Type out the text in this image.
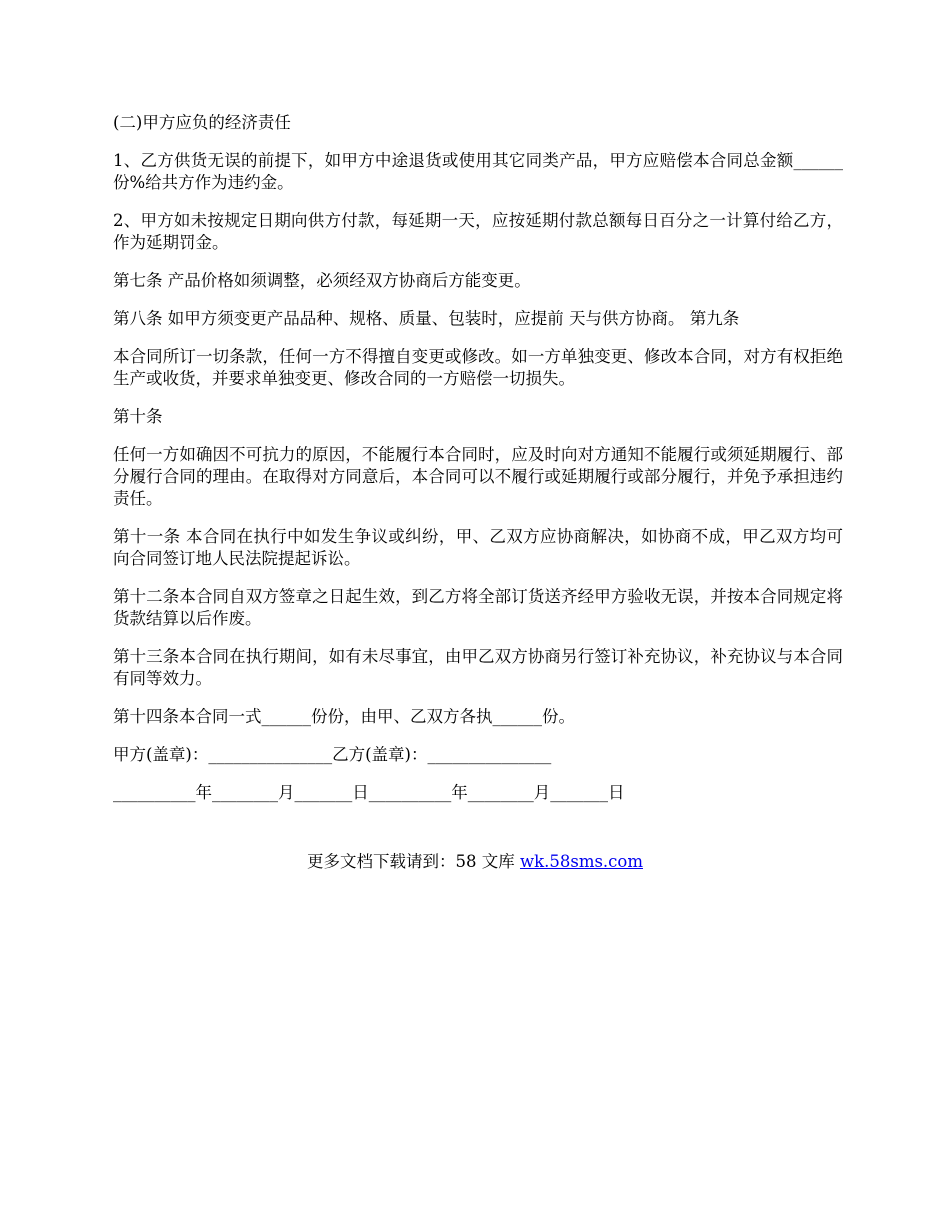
(二)甲方应负的经济责任

1、乙方供货无误的前提下，如甲方中途退货或使用其它同类产品，甲方应赔偿本合同总金额______份%给共方作为违约金。

2、甲方如未按规定日期向供方付款，每延期一天，应按延期付款总额每日百分之一计算付给乙方，作为延期罚金。

第七条 产品价格如须调整，必须经双方协商后方能变更。

第八条 如甲方须变更产品品种、规格、质量、包装时，应提前 天与供方协商。 第九条

本合同所订一切条款，任何一方不得擅自变更或修改。如一方单独变更、修改本合同，对方有权拒绝生产或收货，并要求单独变更、修改合同的一方赔偿一切损失。

第十条

任何一方如确因不可抗力的原因，不能履行本合同时，应及时向对方通知不能履行或须延期履行、部分履行合同的理由。在取得对方同意后，本合同可以不履行或延期履行或部分履行，并免予承担违约责任。

第十一条 本合同在执行中如发生争议或纠纷，甲、乙双方应协商解决，如协商不成，甲乙双方均可向合同签订地人民法院提起诉讼。

第十二条本合同自双方签章之日起生效，到乙方将全部订货送齐经甲方验收无误，并按本合同规定将货款结算以后作废。

第十三条本合同在执行期间，如有未尽事宜，由甲乙双方协商另行签订补充协议，补充协议与本合同有同等效力。

第十四条本合同一式______份份，由甲、乙双方各执______份。

甲方(盖章)：_______________乙方(盖章)：_______________

__________年________月_______日__________年________月_______日

更多文档下载请到：58 文库 wk.58sms.com
